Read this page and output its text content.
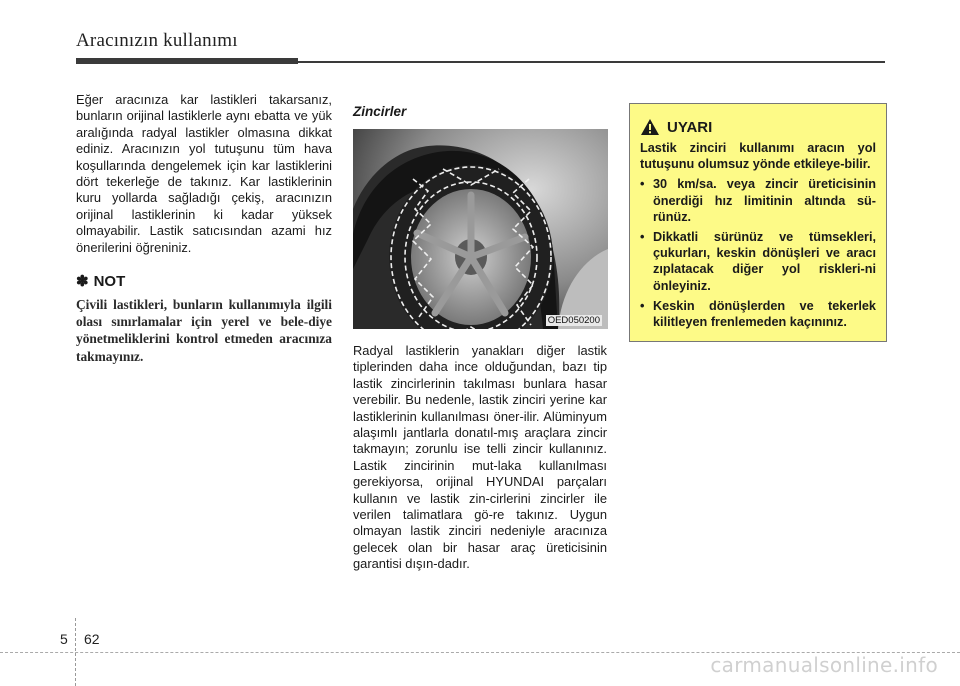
Aracınızın kullanımı

Eğer aracınıza kar lastikleri takarsanız, bunların orijinal lastiklerle aynı ebatta ve yük aralığında radyal lastikler olmasına dikkat ediniz. Aracınızın yol tutuşunu tüm hava koşullarında dengelemek için kar lastiklerini dört tekerleğe de takınız. Kar lastiklerinin kuru yollarda sağladığı çekiş, aracınızın orijinal lastiklerinin ki kadar yüksek olmayabilir. Lastik satıcısından azami hız önerilerini öğreniniz.

✽ NOT
Çivili lastikleri, bunların kullanımıyla ilgili olası sınırlamalar için yerel ve bele-diye yönetmeliklerini kontrol etmeden aracınıza takmayınız.

Zincirler

OED050200

Radyal lastiklerin yanakları diğer lastik tiplerinden daha ince olduğundan, bazı tip lastik zincirlerinin takılması bunlara hasar verebilir. Bu nedenle, lastik zinciri yerine kar lastiklerinin kullanılması öner-ilir. Alüminyum alaşımlı jantlarla donatıl-mış araçlara zincir takmayın; zorunlu ise telli zincir kullanınız. Lastik zincirinin mut-laka kullanılması gerekiyorsa, orijinal HYUNDAI parçaları kullanın ve lastik zin-cirlerini zincirler ile verilen talimatlara gö-re takınız. Uygun olmayan lastik zinciri nedeniyle aracınıza gelecek olan bir hasar araç üreticisinin garantisi dışın-dadır.

UYARI
Lastik zinciri kullanımı aracın yol tutuşunu olumsuz yönde etkileye-bilir.
• 30 km/sa. veya zincir üreticisinin önerdiği hız limitinin altında sü-rünüz.
• Dikkatli sürünüz ve tümsekleri, çukurları, keskin dönüşleri ve aracı zıplatacak diğer yol riskleri-ni önleyiniz.
• Keskin dönüşlerden ve tekerlek kilitleyen frenlemeden kaçınınız.
5 62
carmanualsonline.info
